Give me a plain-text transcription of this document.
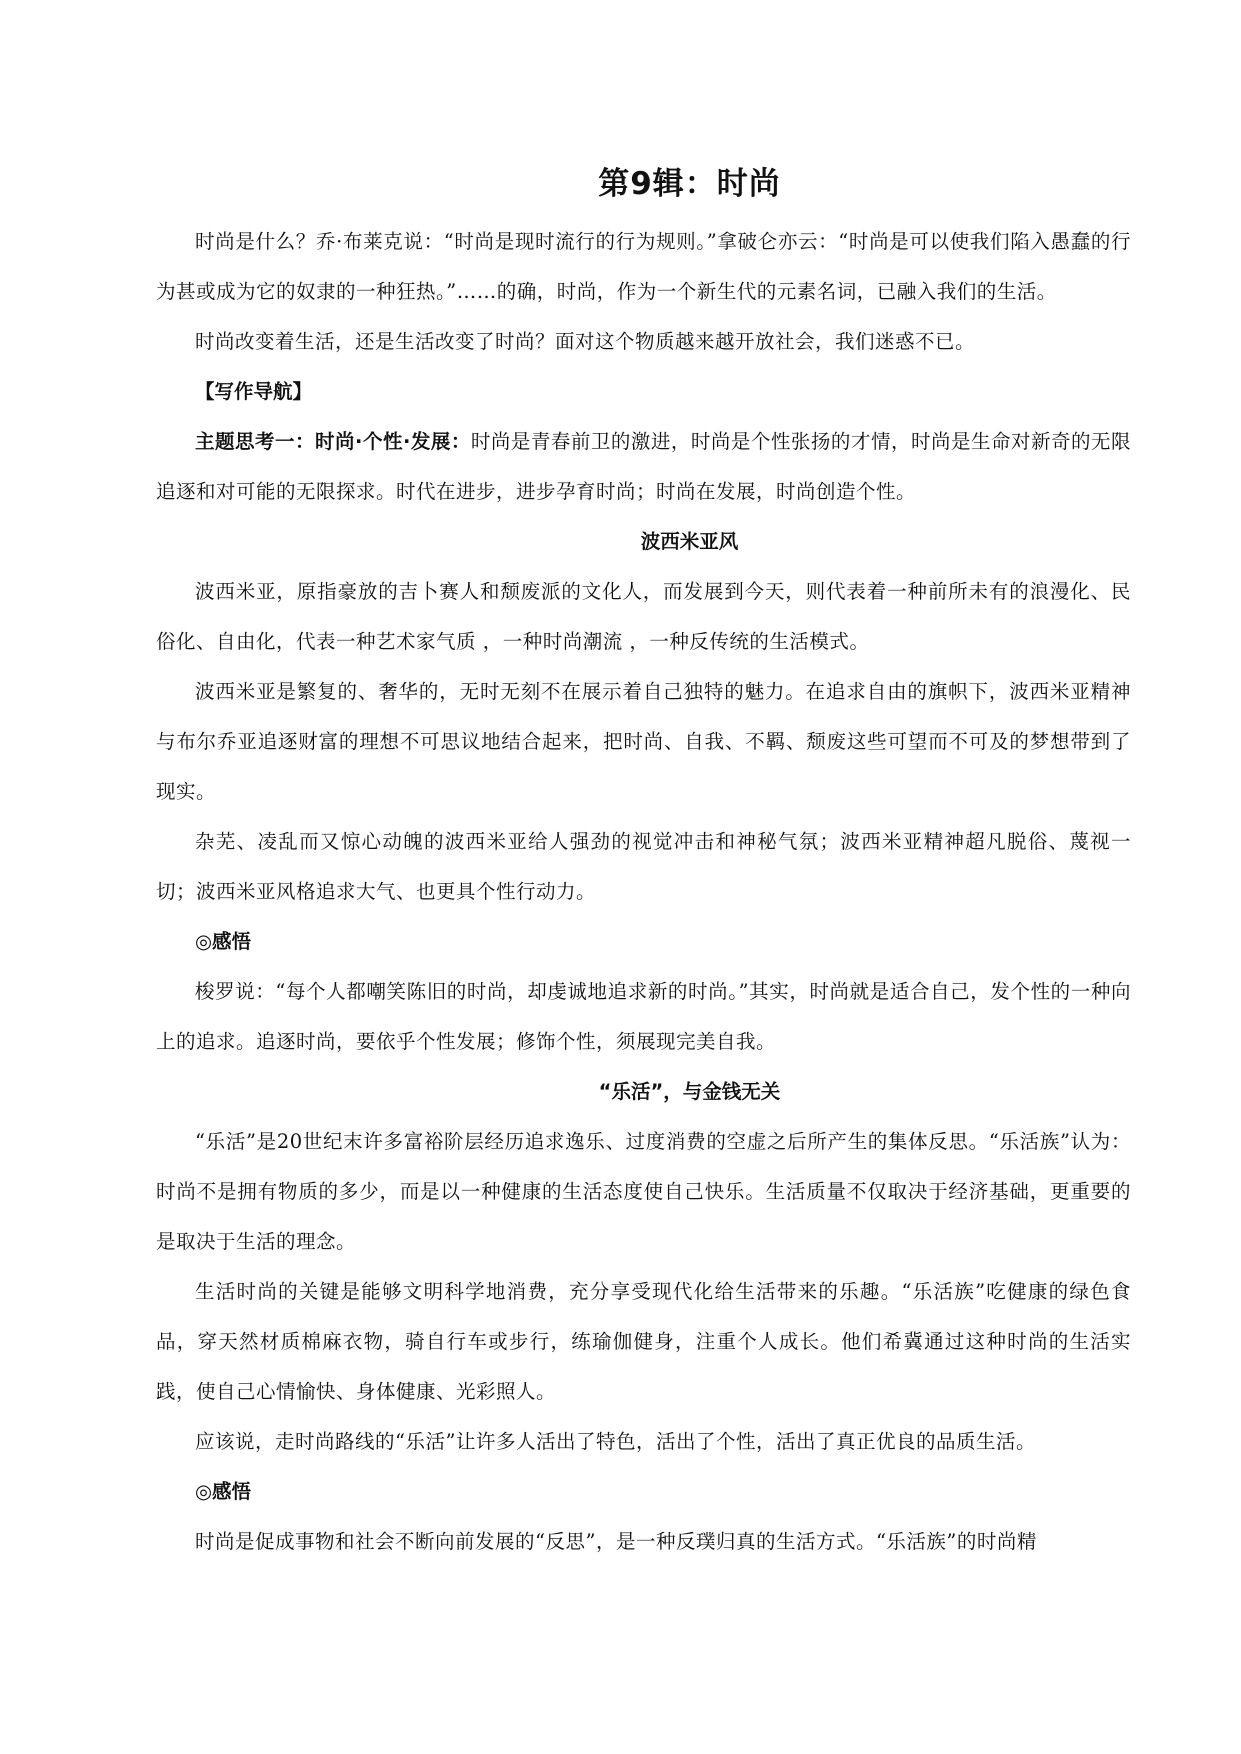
第9辑：时尚

时尚是什么？乔·布莱克说：“时尚是现时流行的行为规则。”拿破仑亦云：“时尚是可以使我们陷入愚蠢的行为甚或成为它的奴隶的一种狂热。”……的确，时尚，作为一个新生代的元素名词，已融入我们的生活。

时尚改变着生活，还是生活改变了时尚？面对这个物质越来越开放社会，我们迷惑不已。

【写作导航】

主题思考一：时尚·个性·发展：时尚是青春前卫的激进，时尚是个性张扬的才情，时尚是生命对新奇的无限追逐和对可能的无限探求。时代在进步，进步孕育时尚；时尚在发展，时尚创造个性。

波西米亚风

波西米亚，原指豪放的吉卜赛人和颓废派的文化人，而发展到今天，则代表着一种前所未有的浪漫化、民俗化、自由化，代表一种艺术家气质 ，一种时尚潮流 ，一种反传统的生活模式。

波西米亚是繁复的、奢华的，无时无刻不在展示着自己独特的魅力。在追求自由的旗帜下，波西米亚精神与布尔乔亚追逐财富的理想不可思议地结合起来，把时尚、自我、不羁、颓废这些可望而不可及的梦想带到了现实。

杂芜、凌乱而又惊心动魄的波西米亚给人强劲的视觉冲击和神秘气氛；波西米亚精神超凡脱俗、蔑视一切；波西米亚风格追求大气、也更具个性行动力。

◎感悟

梭罗说：“每个人都嘲笑陈旧的时尚，却虔诚地追求新的时尚。”其实，时尚就是适合自己，发个性的一种向上的追求。追逐时尚，要依乎个性发展；修饰个性，须展现完美自我。

“乐活”，与金钱无关

“乐活”是20世纪末许多富裕阶层经历追求逸乐、过度消费的空虚之后所产生的集体反思。“乐活族”认为：时尚不是拥有物质的多少，而是以一种健康的生活态度使自己快乐。生活质量不仅取决于经济基础，更重要的是取决于生活的理念。

生活时尚的关键是能够文明科学地消费，充分享受现代化给生活带来的乐趣。“乐活族”吃健康的绿色食品，穿天然材质棉麻衣物，骑自行车或步行，练瑜伽健身，注重个人成长。他们希冀通过这种时尚的生活实践，使自己心情愉快、身体健康、光彩照人。

应该说，走时尚路线的“乐活”让许多人活出了特色，活出了个性，活出了真正优良的品质生活。

◎感悟

时尚是促成事物和社会不断向前发展的“反思”，是一种反璞归真的生活方式。“乐活族”的时尚精
